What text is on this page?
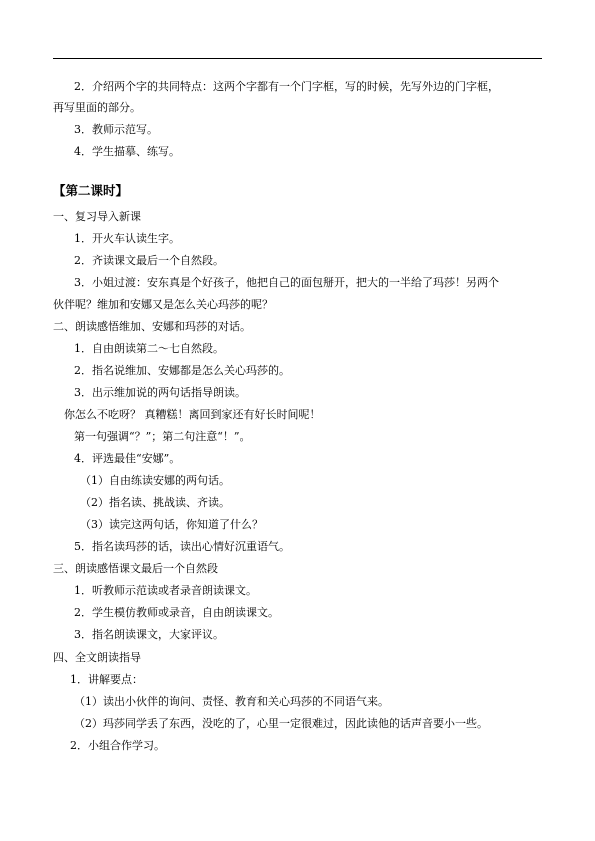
2．介绍两个字的共同特点：这两个字都有一个门字框，写的时候，先写外边的门字框，
再写里面的部分。
3．教师示范写。
4．学生描摹、练写。
【第二课时】
一、复习导入新课
1．开火车认读生字。
2．齐读课文最后一个自然段。
3．小姐过渡：安东真是个好孩子，他把自己的面包掰开，把大的一半给了玛莎！另两个
伙伴呢？维加和安娜又是怎么关心玛莎的呢？
二、朗读感悟维加、安娜和玛莎的对话。
1．自由朗读第二～七自然段。
2．指名说维加、安娜都是怎么关心玛莎的。
3．出示维加说的两句话指导朗读。
你怎么不吃呀？ 真糟糕！离回到家还有好长时间呢！
第一句强调“？”；第二句注意“！”。
4．评选最佳“安娜”。
（1）自由练读安娜的两句话。
（2）指名读、挑战读、齐读。
（3）读完这两句话，你知道了什么？
5．指名读玛莎的话，读出心情好沉重语气。
三、朗读感悟课文最后一个自然段
1．听教师示范读或者录音朗读课文。
2．学生模仿教师或录音，自由朗读课文。
3．指名朗读课文，大家评议。
四、全文朗读指导
1．讲解要点：
（1）读出小伙伴的询问、责怪、教育和关心玛莎的不同语气来。
（2）玛莎同学丢了东西，没吃的了，心里一定很难过，因此读他的话声音要小一些。
2．小组合作学习。
